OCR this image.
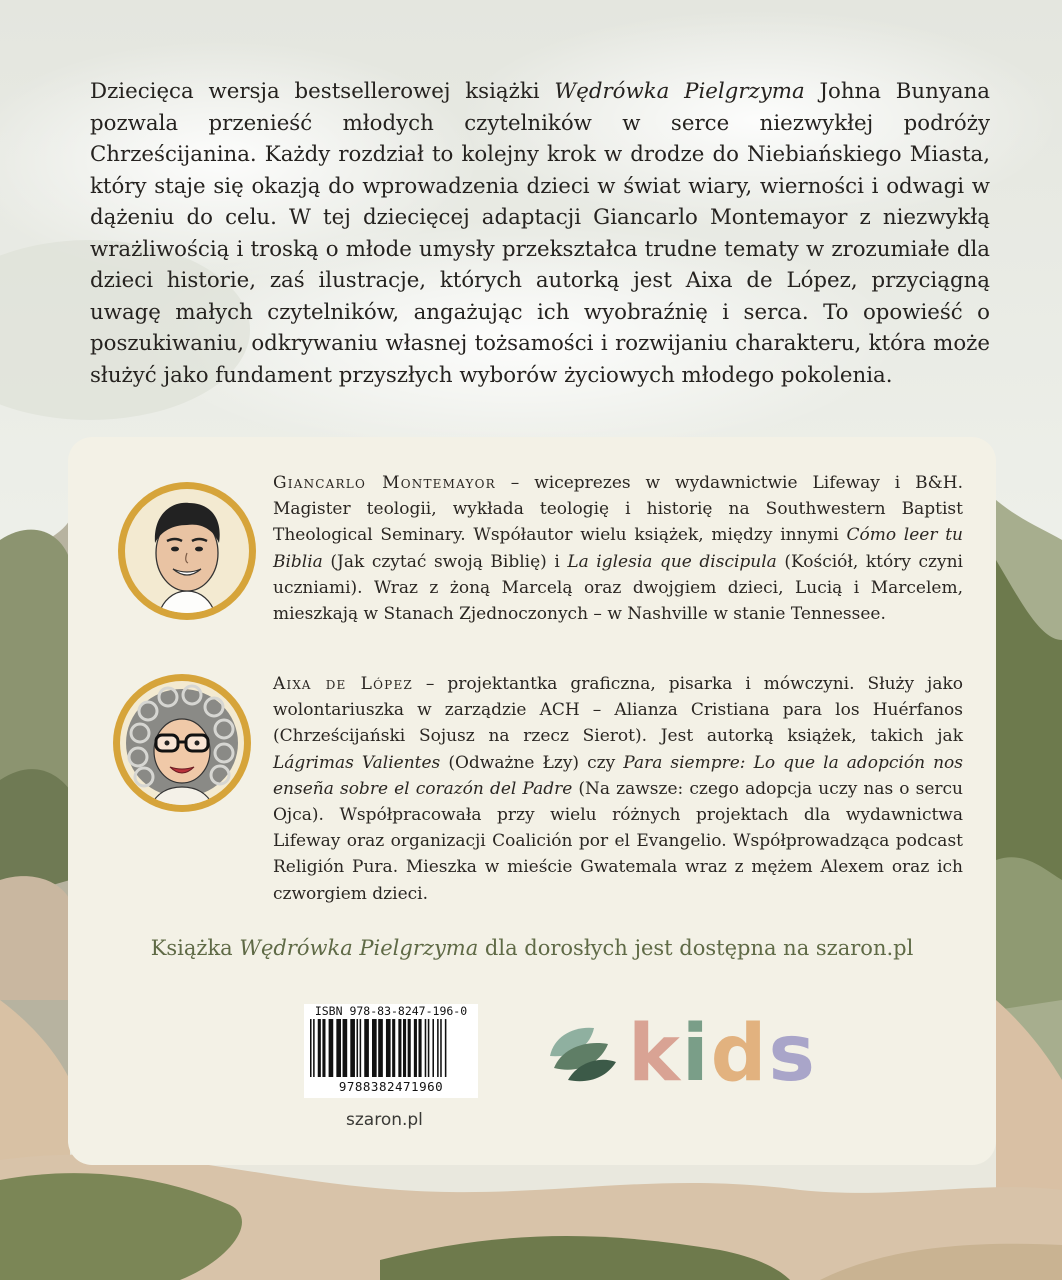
Dziecięca wersja bestsellerowej książki Wędrówka Pielgrzyma Johna Bunyana pozwala przenieść młodych czytelników w serce niezwykłej podróży Chrześcijanina. Każdy rozdział to kolejny krok w drodze do Niebiańskiego Miasta, który staje się okazją do wprowadzenia dzieci w świat wiary, wierności i odwagi w dążeniu do celu. W tej dziecięcej adaptacji Giancarlo Montemayor z niezwykłą wrażliwością i troską o młode umysły przekształca trudne tematy w zrozumiałe dla dzieci historie, zaś ilustracje, których autorką jest Aixa de López, przyciągną uwagę małych czytelników, angażując ich wyobraźnię i serca. To opowieść o poszukiwaniu, odkrywaniu własnej tożsamości i rozwijaniu charakteru, która może służyć jako fundament przyszłych wyborów życiowych młodego pokolenia.

Giancarlo Montemayor – wiceprezes w wydawnictwie Lifeway i B&H. Magister teologii, wykłada teologię i historię na Southwestern Baptist Theological Seminary. Współautor wielu książek, między innymi Cómo leer tu Biblia (Jak czytać swoją Biblię) i La iglesia que discipula (Kościół, który czyni uczniami). Wraz z żoną Marcelą oraz dwojgiem dzieci, Lucią i Marcelem, mieszkają w Stanach Zjednoczonych – w Nashville w stanie Tennessee.

Aixa de López – projektantka graficzna, pisarka i mówczyni. Służy jako wolontariuszka w zarządzie ACH – Alianza Cristiana para los Huérfanos (Chrześcijański Sojusz na rzecz Sierot). Jest autorką książek, takich jak Lágrimas Valientes (Odważne Łzy) czy Para siempre: Lo que la adopción nos enseña sobre el corazón del Padre (Na zawsze: czego adopcja uczy nas o sercu Ojca). Współpracowała przy wielu różnych projektach dla wydawnictwa Lifeway oraz organizacji Coalición por el Evangelio. Współprowadząca podcast Religión Pura. Mieszka w mieście Gwatemala wraz z mężem Alexem oraz ich czworgiem dzieci.

Książka Wędrówka Pielgrzyma dla dorosłych jest dostępna na szaron.pl

ISBN 978-83-8247-196-0
9788382471960
szaron.pl
kids
